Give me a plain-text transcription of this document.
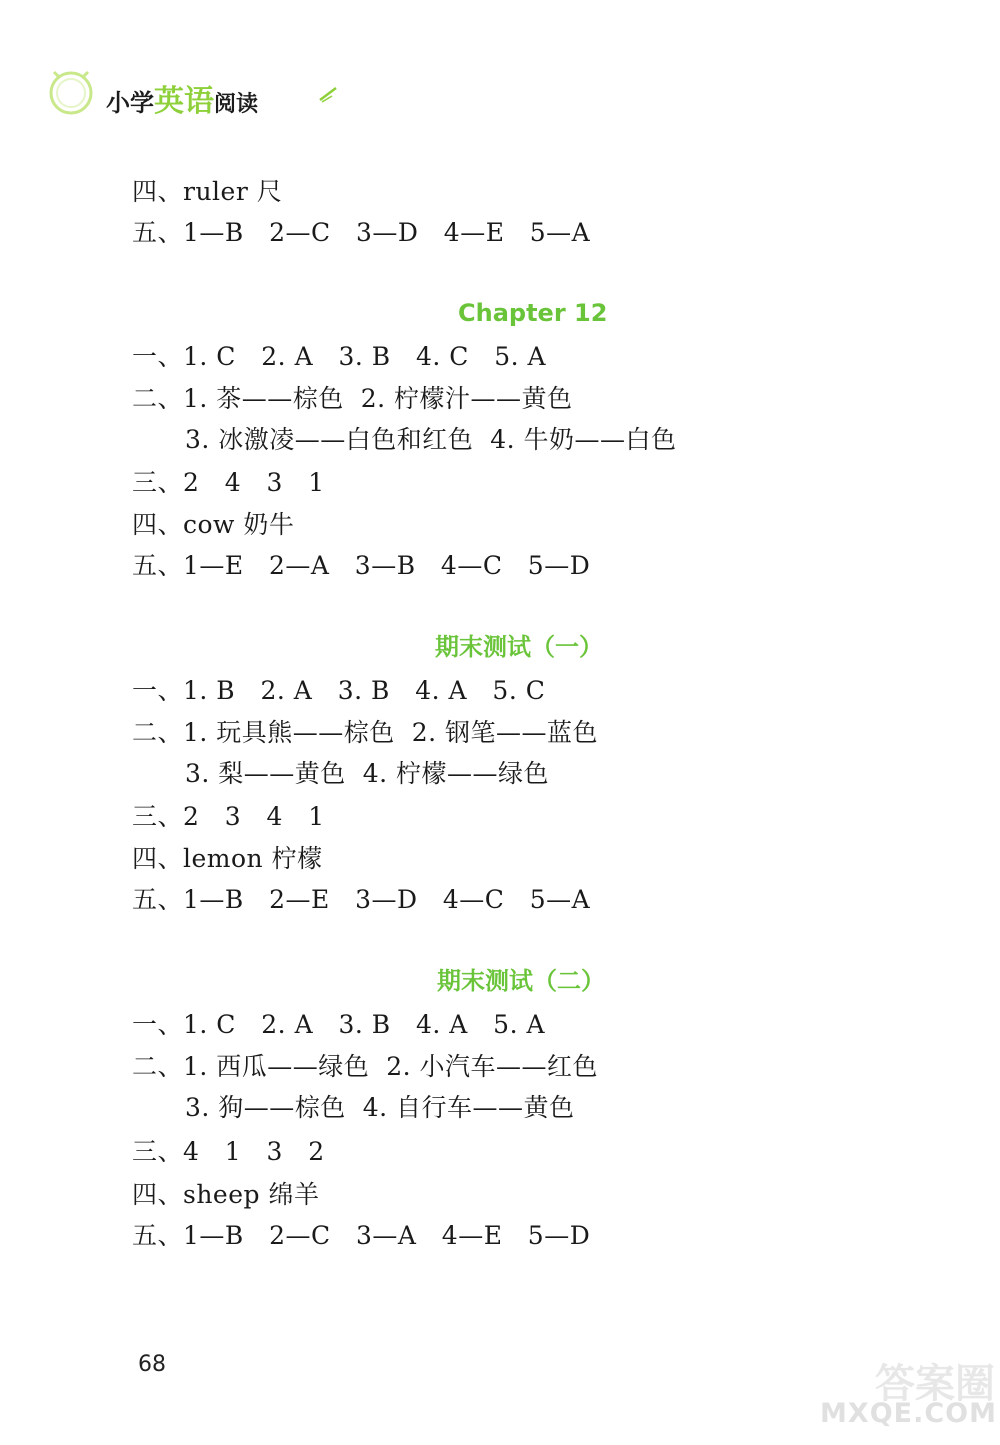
小学英语阅读
四、ruler 尺
五、1—B   2—C   3—D   4—E   5—A
Chapter 12
一、1. C   2. A   3. B   4. C   5. A
二、1. 茶——棕色  2. 柠檬汁——黄色
3. 冰激凌——白色和红色  4. 牛奶——白色
三、2   4   3   1
四、cow 奶牛
五、1—E   2—A   3—B   4—C   5—D
期末测试（一）
一、1. B   2. A   3. B   4. A   5. C
二、1. 玩具熊——棕色  2. 钢笔——蓝色
3. 梨——黄色  4. 柠檬——绿色
三、2   3   4   1
四、lemon 柠檬
五、1—B   2—E   3—D   4—C   5—A
期末测试（二）
一、1. C   2. A   3. B   4. A   5. A
二、1. 西瓜——绿色  2. 小汽车——红色
3. 狗——棕色  4. 自行车——黄色
三、4   1   3   2
四、sheep 绵羊
五、1—B   2—C   3—A   4—E   5—D
68	答案圈
MXQE.COM
